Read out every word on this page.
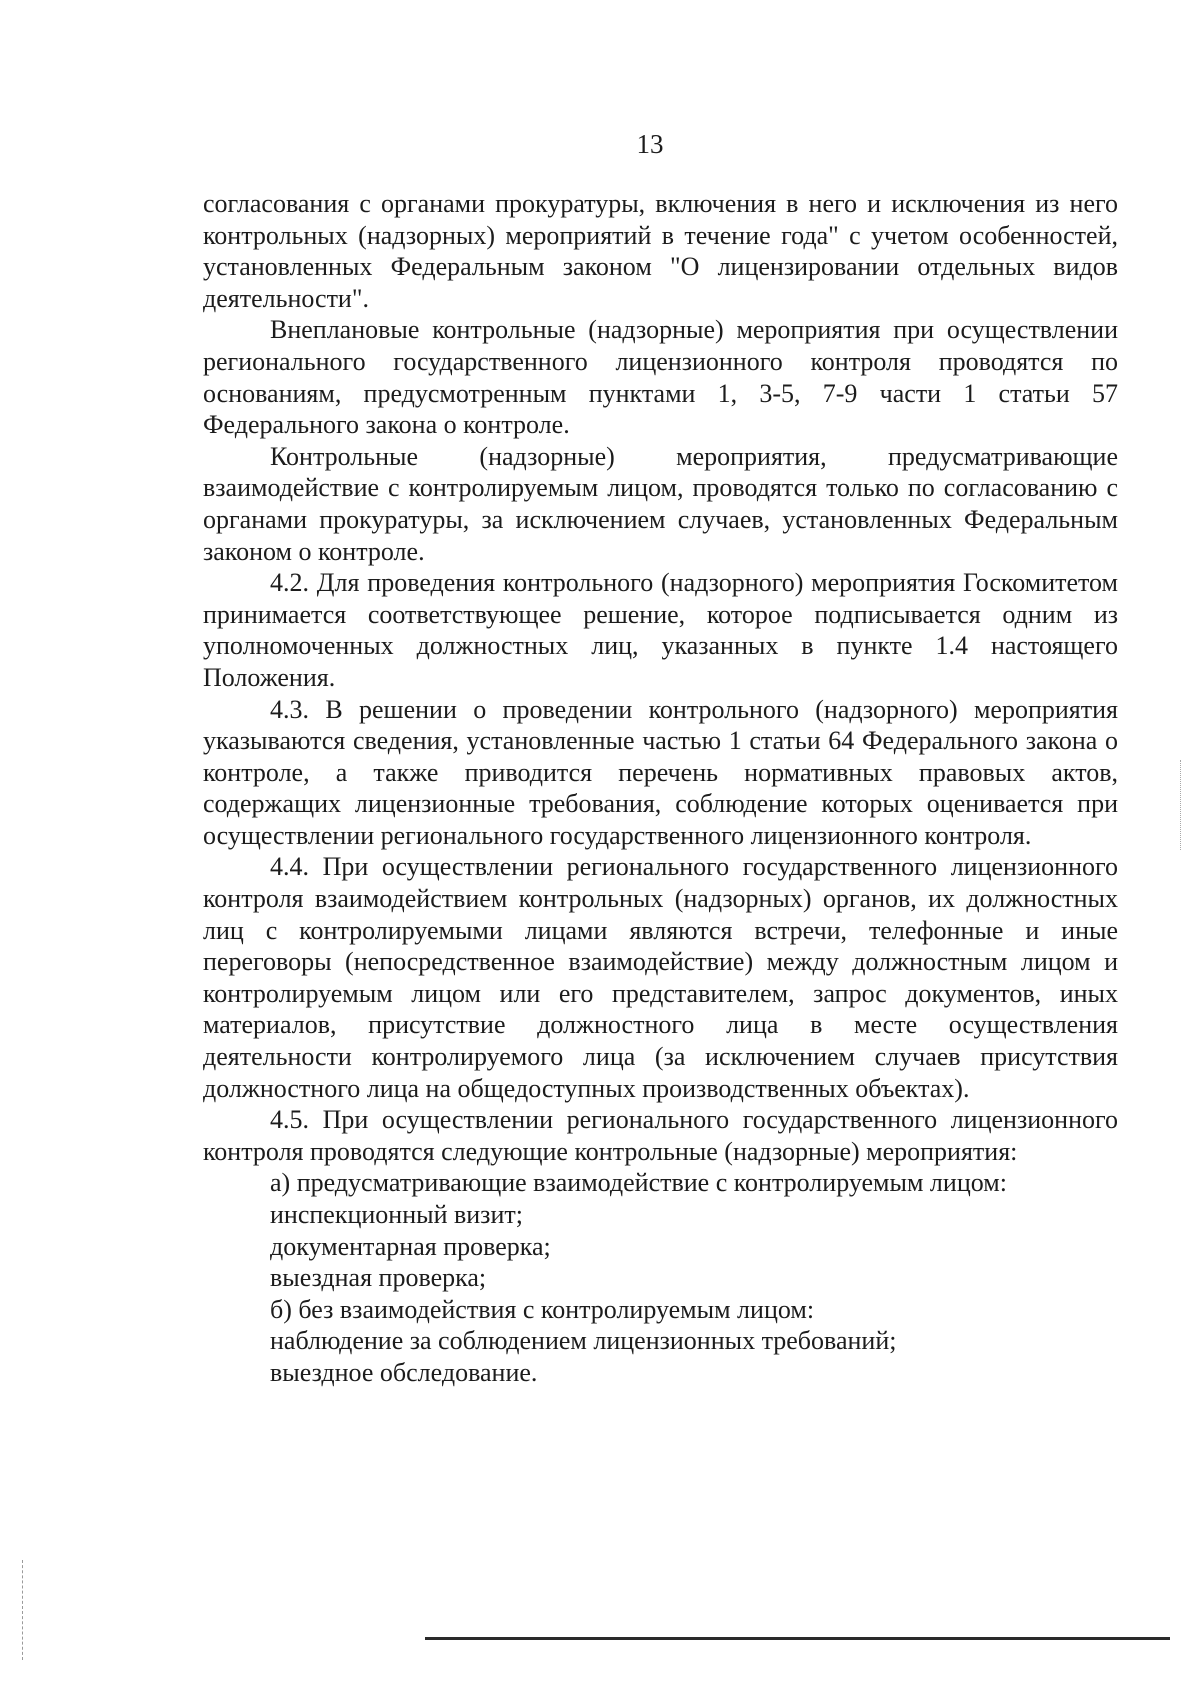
13

согласования с органами прокуратуры, включения в него и исключения из него контрольных (надзорных) мероприятий в течение года" с учетом особенностей, установленных Федеральным законом "О лицензировании отдельных видов деятельности".

Внеплановые контрольные (надзорные) мероприятия при осуществлении регионального государственного лицензионного контроля проводятся по основаниям, предусмотренным пунктами 1, 3-5, 7-9 части 1 статьи 57 Федерального закона о контроле.

Контрольные (надзорные) мероприятия, предусматривающие взаимодействие с контролируемым лицом, проводятся только по согласованию с органами прокуратуры, за исключением случаев, установленных Федеральным законом о контроле.

4.2. Для проведения контрольного (надзорного) мероприятия Госкомитетом принимается соответствующее решение, которое подписывается одним из уполномоченных должностных лиц, указанных в пункте 1.4 настоящего Положения.

4.3. В решении о проведении контрольного (надзорного) мероприятия указываются сведения, установленные частью 1 статьи 64 Федерального закона о контроле, а также приводится перечень нормативных правовых актов, содержащих лицензионные требования, соблюдение которых оценивается при осуществлении регионального государственного лицензионного контроля.

4.4. При осуществлении регионального государственного лицензионного контроля взаимодействием контрольных (надзорных) органов, их должностных лиц с контролируемыми лицами являются встречи, телефонные и иные переговоры (непосредственное взаимодействие) между должностным лицом и контролируемым лицом или его представителем, запрос документов, иных материалов, присутствие должностного лица в месте осуществления деятельности контролируемого лица (за исключением случаев присутствия должностного лица на общедоступных производственных объектах).

4.5. При осуществлении регионального государственного лицензионного контроля проводятся следующие контрольные (надзорные) мероприятия:

а) предусматривающие взаимодействие с контролируемым лицом:

инспекционный визит;

документарная проверка;

выездная проверка;

б) без взаимодействия с контролируемым лицом:

наблюдение за соблюдением лицензионных требований;

выездное обследование.
